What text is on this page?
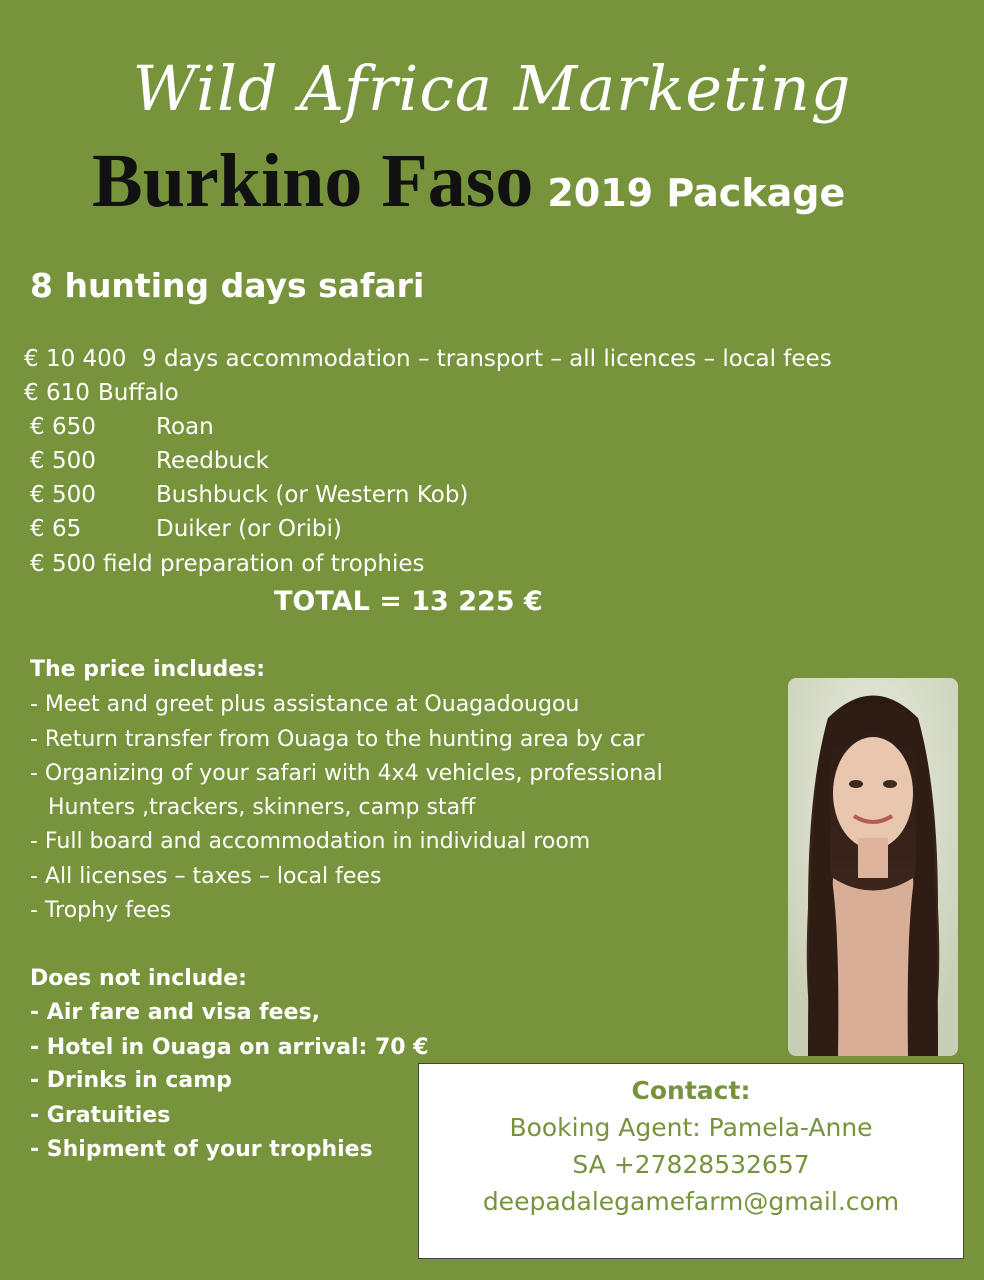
Wild Africa Marketing
Burkino Faso 2019 Package
8 hunting days safari
€ 10 400 9 days accommodation – transport – all licences – local fees
€ 610 Buffalo
€ 650	Roan
€ 500	Reedbuck
€ 500	Bushbuck (or Western Kob)
€ 65	Duiker (or Oribi)
€ 500 field preparation of trophies
TOTAL = 13 225 €
The price includes:
- Meet and greet plus assistance at Ouagadougou
- Return transfer from Ouaga to the hunting area by car
- Organizing of your safari with 4x4 vehicles, professional
Hunters ,trackers, skinners, camp staff
- Full board and accommodation in individual room
- All licenses – taxes – local fees
- Trophy fees
Does not include:
- Air fare and visa fees,
- Hotel in Ouaga on arrival: 70 €
- Drinks in camp
- Gratuities
- Shipment of your trophies
Contact:
Booking Agent: Pamela-Anne
SA +27828532657
deepadalegamefarm@gmail.com
